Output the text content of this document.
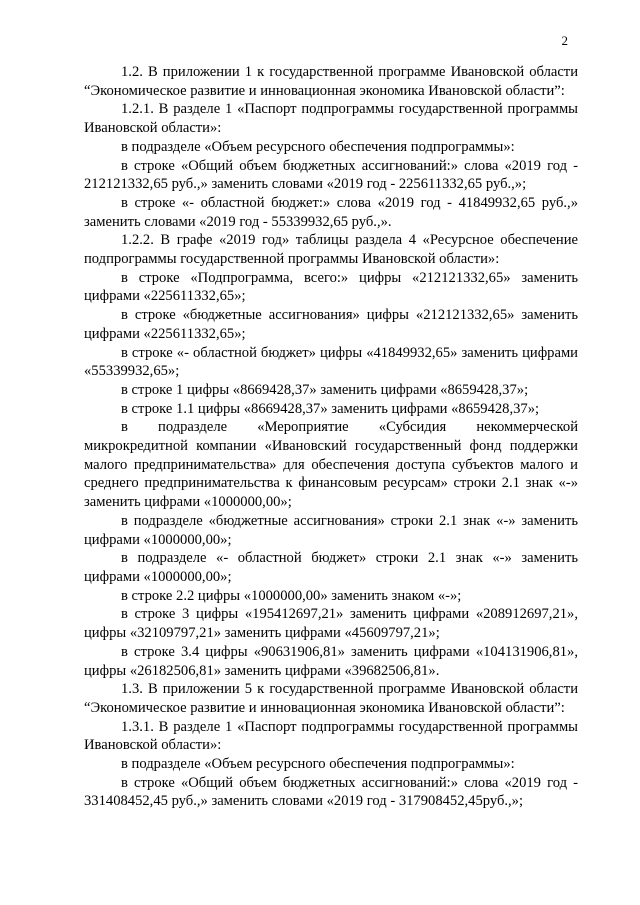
2

1.2. В приложении 1 к государственной программе Ивановской области “Экономическое развитие и инновационная экономика Ивановской области”:

1.2.1. В разделе 1 «Паспорт подпрограммы государственной программы Ивановской области»:

в подразделе «Объем ресурсного обеспечения подпрограммы»:

в строке «Общий объем бюджетных ассигнований:» слова «2019 год - 212121332,65 руб.,» заменить словами «2019 год - 225611332,65 руб.,»;

в строке «- областной бюджет:» слова «2019 год - 41849932,65 руб.,» заменить словами «2019 год - 55339932,65 руб.,».

1.2.2. В графе «2019 год» таблицы раздела 4 «Ресурсное обеспечение подпрограммы государственной программы Ивановской области»:

в строке «Подпрограмма, всего:» цифры «212121332,65» заменить цифрами «225611332,65»;

в строке «бюджетные ассигнования» цифры «212121332,65» заменить цифрами «225611332,65»;

в строке «- областной бюджет» цифры «41849932,65» заменить цифрами «55339932,65»;

в строке 1 цифры «8669428,37» заменить цифрами «8659428,37»;

в строке 1.1 цифры «8669428,37» заменить цифрами «8659428,37»;

в подразделе «Мероприятие «Субсидия некоммерческой микрокредитной компании «Ивановский государственный фонд поддержки малого предпринимательства» для обеспечения доступа субъектов малого и среднего предпринимательства к финансовым ресурсам» строки 2.1 знак «-» заменить цифрами «1000000,00»;

в подразделе «бюджетные ассигнования» строки 2.1 знак «-» заменить цифрами «1000000,00»;

в подразделе «- областной бюджет» строки 2.1 знак «-» заменить цифрами «1000000,00»;

в строке 2.2 цифры «1000000,00» заменить знаком «-»;

в строке 3 цифры «195412697,21» заменить цифрами «208912697,21», цифры «32109797,21» заменить цифрами «45609797,21»;

в строке 3.4 цифры «90631906,81» заменить цифрами «104131906,81», цифры «26182506,81» заменить цифрами «39682506,81».

1.3. В приложении 5 к государственной программе Ивановской области “Экономическое развитие и инновационная экономика Ивановской области”:

1.3.1. В разделе 1 «Паспорт подпрограммы государственной программы Ивановской области»:

в подразделе «Объем ресурсного обеспечения подпрограммы»:

в строке «Общий объем бюджетных ассигнований:» слова «2019 год - 331408452,45 руб.,» заменить словами «2019 год - 317908452,45руб.,»;
